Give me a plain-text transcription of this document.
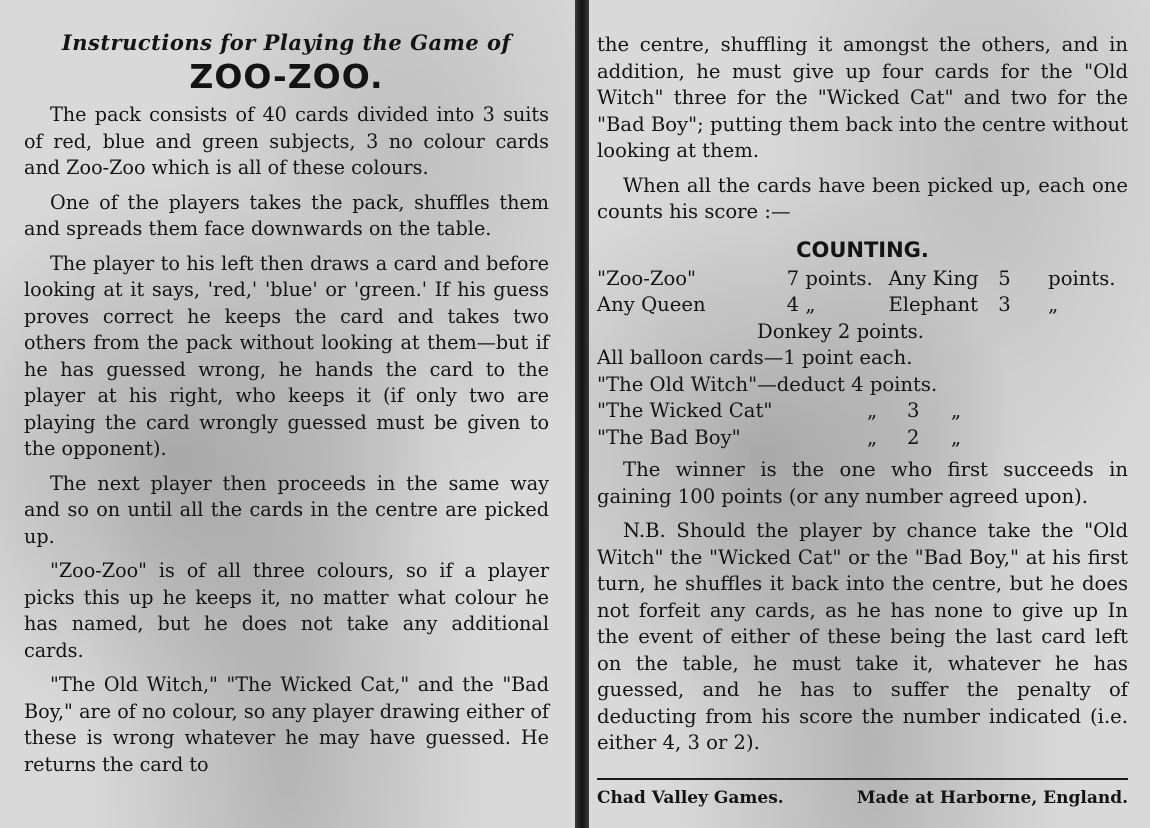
Instructions for Playing the Game of
ZOO-ZOO.

The pack consists of 40 cards divided into 3 suits of red, blue and green subjects, 3 no colour cards and Zoo-Zoo which is all of these colours.

One of the players takes the pack, shuffles them and spreads them face downwards on the table.

The player to his left then draws a card and before looking at it says, 'red,' 'blue' or 'green.' If his guess proves correct he keeps the card and takes two others from the pack without looking at them—but if he has guessed wrong, he hands the card to the player at his right, who keeps it (if only two are playing the card wrongly guessed must be given to the opponent).

The next player then proceeds in the same way and so on until all the cards in the centre are picked up.

"Zoo-Zoo" is of all three colours, so if a player picks this up he keeps it, no matter what colour he has named, but he does not take any additional cards.

"The Old Witch," "The Wicked Cat," and the "Bad Boy," are of no colour, so any player drawing either of these is wrong whatever he may have guessed. He returns the card to

the centre, shuffling it amongst the others, and in addition, he must give up four cards for the "Old Witch" three for the "Wicked Cat" and two for the "Bad Boy"; putting them back into the centre without looking at them.

When all the cards have been picked up, each one counts his score :—

COUNTING.
"Zoo-Zoo"	7 points. Any King	5	points.
Any Queen	4 „	Elephant	3	„
Donkey 2 points.
All balloon cards—1 point each.
"The Old Witch"—deduct 4 points.
"The Wicked Cat"	„	3	„
"The Bad Boy"	„	2	„

The winner is the one who first succeeds in gaining 100 points (or any number agreed upon).

N.B. Should the player by chance take the "Old Witch" the "Wicked Cat" or the "Bad Boy," at his first turn, he shuffles it back into the centre, but he does not forfeit any cards, as he has none to give up In the event of either of these being the last card left on the table, he must take it, whatever he has guessed, and he has to suffer the penalty of deducting from his score the number indicated (i.e. either 4, 3 or 2).

Chad Valley Games.	Made at Harborne, England.
